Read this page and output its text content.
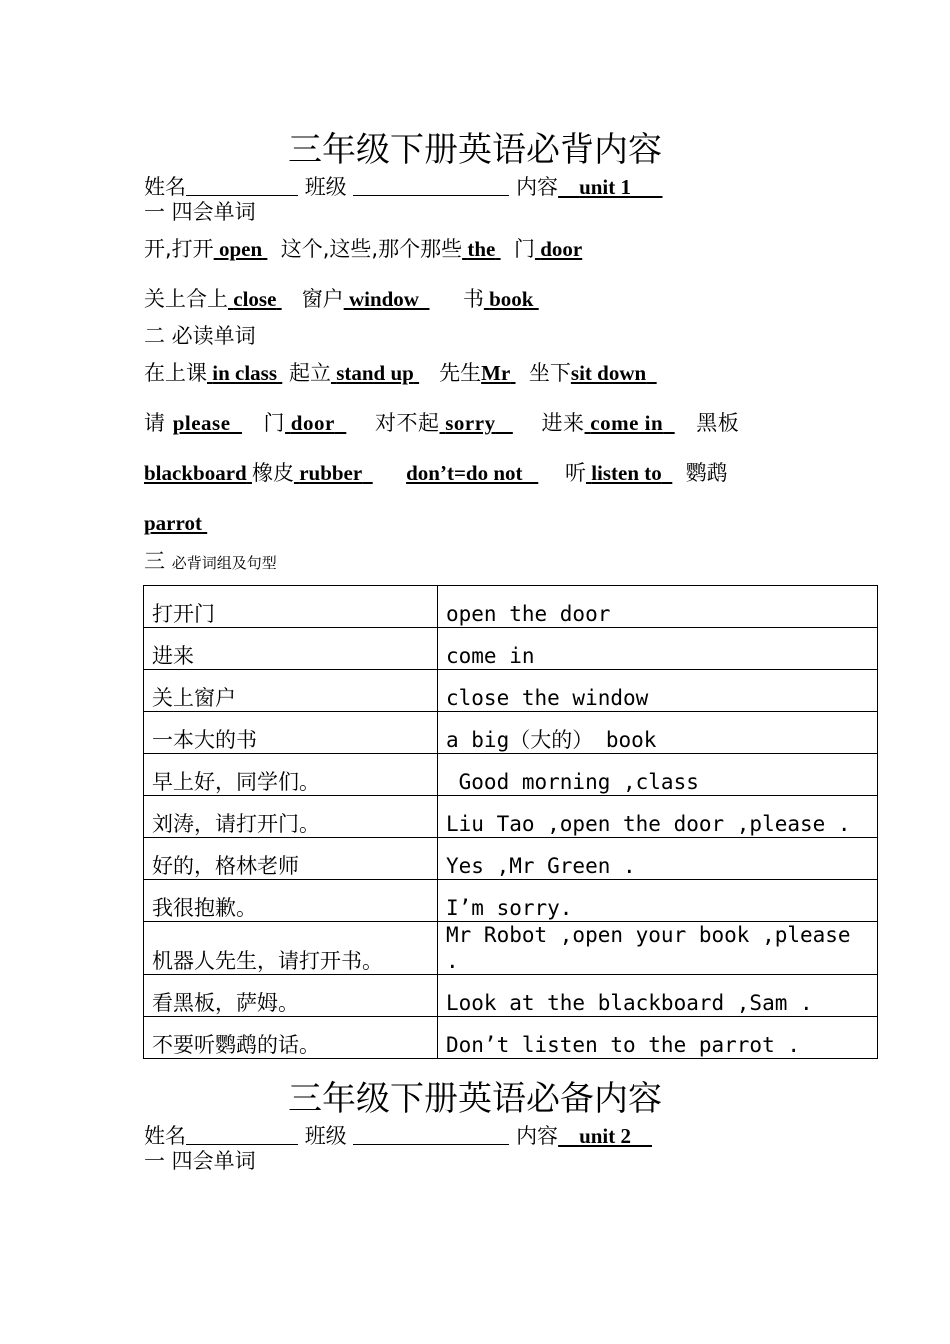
三年级下册英语必背内容
姓名	班级	内容 unit 1
一 四会单词
开,打开 open 这个,这些,那个那些 the 门 door
关上合上 close 窗户 window 书 book
二 必读单词
在上课 in class 起立 stand up 先生Mr 坐下sit down
请 please 门 door 对不起 sorry 进来 come in 黑板
blackboard 橡皮 rubber don’t=do not 听 listen to 鹦鹉
parrot
三 必背词组及句型
打开门	open the door
进来	come in
关上窗户	close the window
一本大的书	a big（大的） book
早上好，同学们。	Good morning ,class
刘涛，请打开门。	Liu Tao ,open the door ,please .
好的，格林老师	Yes ,Mr Green .
我很抱歉。	I’m sorry.
机器人先生，请打开书。	Mr Robot ,open your book ,please .
看黑板，萨姆。	Look at the blackboard ,Sam .
不要听鹦鹉的话。	Don’t listen to the parrot .
三年级下册英语必备内容
姓名	班级	内容 unit 2
一 四会单词
